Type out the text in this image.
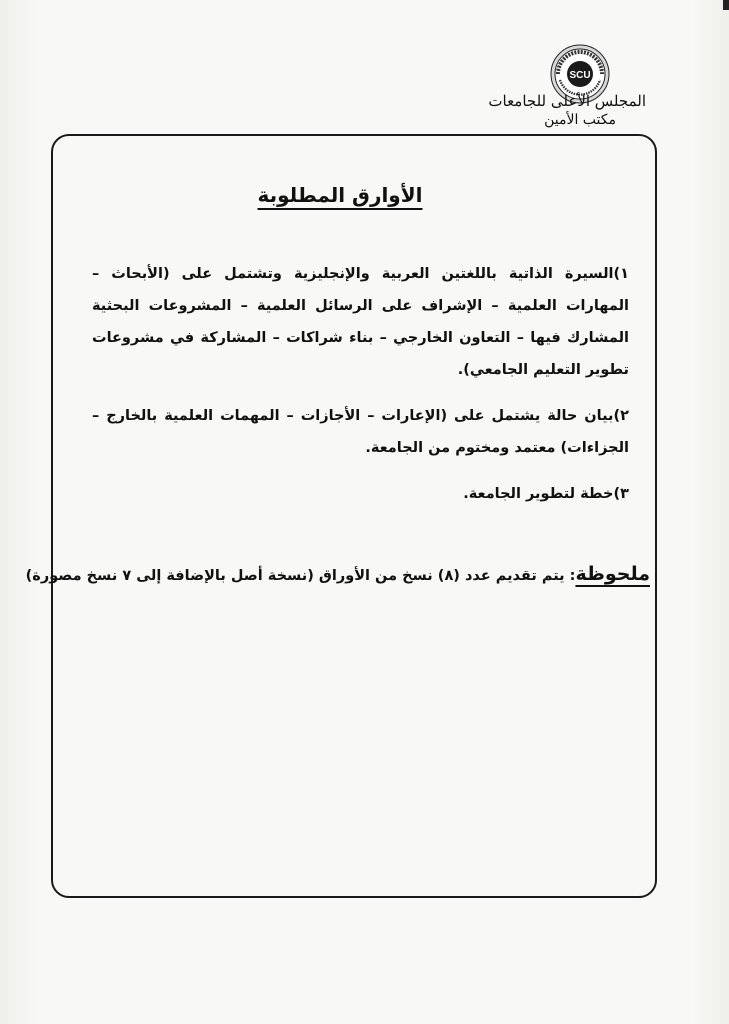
SCU
المجلس الأعلى للجامعات
مكتب الأمين
الأوارق المطلوبة
١)السيرة الذاتية باللغتين العربية والإنجليزية وتشتمل على (الأبحاث – المهارات العلمية – الإشراف على الرسائل العلمية – المشروعات البحثية المشارك فيها – التعاون الخارجي – بناء شراكات – المشاركة في مشروعات تطوير التعليم الجامعي).
٢)بيان حالة يشتمل على (الإعارات – الأجازات – المهمات العلمية بالخارج – الجزاءات) معتمد ومختوم من الجامعة.
٣)خطة لتطوير الجامعة.
ملحوظة: يتم تقديم عدد (٨) نسخ من الأوراق (نسخة أصل بالإضافة إلى ٧ نسخ مصورة)
